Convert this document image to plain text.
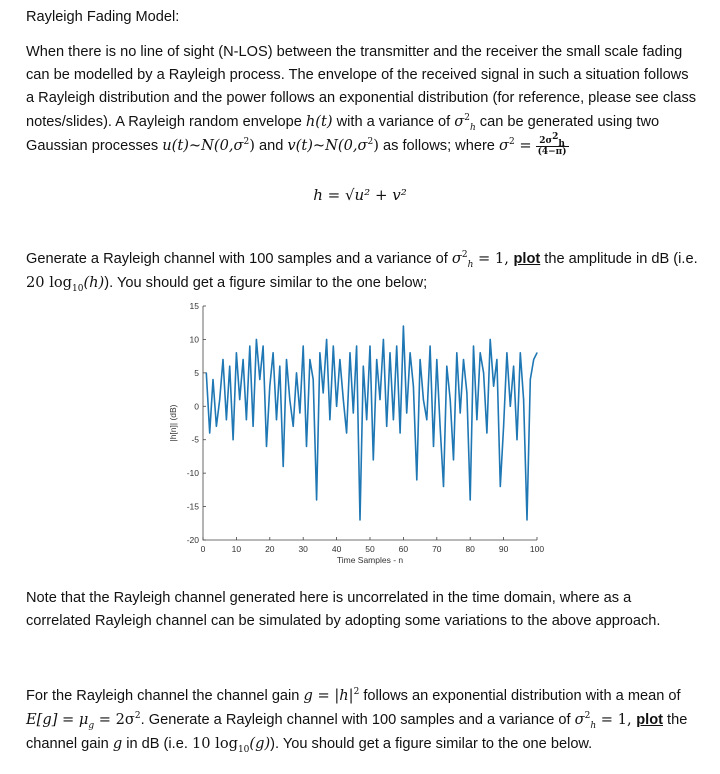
Rayleigh Fading Model:

When there is no line of sight (N-LOS) between the transmitter and the receiver the small scale fading can be modelled by a Rayleigh process. The envelope of the received signal in such a situation follows a Rayleigh distribution and the power follows an exponential distribution (for reference, please see class notes/slides). A Rayleigh random envelope h(t) with a variance of $\sigma^2_h$ can be generated using two Gaussian processes $u(t)\sim N(0,\sigma^2)$ and $v(t)\sim N(0,\sigma^2)$ as follows; where $\sigma^2 = \frac{2\sigma^2_h}{(4-\pi)}$

h = √u² + v²

Generate a Rayleigh channel with 100 samples and a variance of $\sigma^2_h = 1$, plot the amplitude in dB (i.e. 20 $\log_{10}(h)$). You should get a figure similar to the one below;

0	10	20	30	40	50	60	70	80	90	100
-20
-15
-10
-5
0
5
10
15
Time Samples - n
|h[n]| (dB)

Note that the Rayleigh channel generated here is uncorrelated in the time domain, where as a correlated Rayleigh channel can be simulated by adopting some variations to the above approach.

For the Rayleigh channel the channel gain $g = |h|^2$ follows an exponential distribution with a mean of $E[g] = \mu_g = 2\sigma^2$. Generate a Rayleigh channel with 100 samples and a variance of $\sigma^2_h = 1$, plot the channel gain g in dB (i.e. 10 $\log_{10}(g)$). You should get a figure similar to the one below.
